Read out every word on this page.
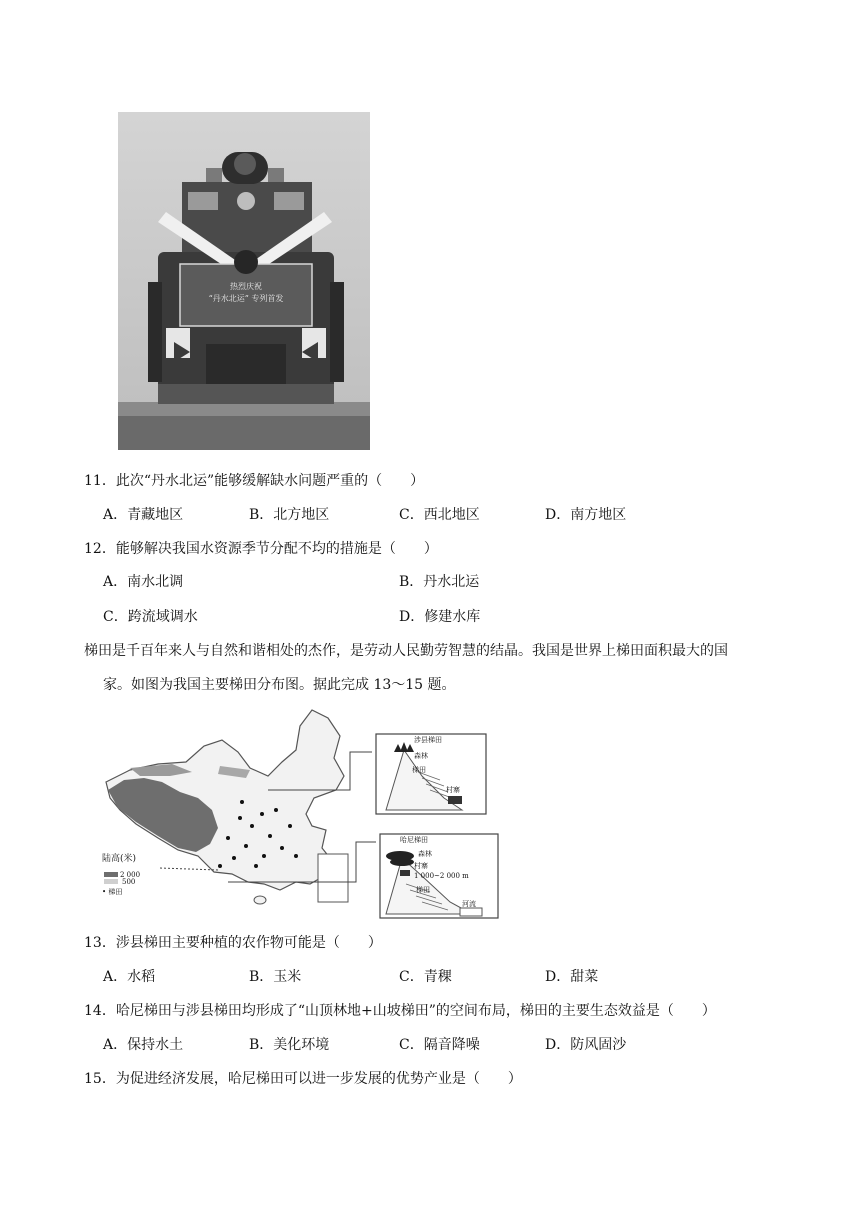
热烈庆祝
“丹水北运” 专列首发
11．此次“丹水北运”能够缓解缺水问题严重的（　　）
A．青藏地区	B．北方地区	C．西北地区	D．南方地区
12．能够解决我国水资源季节分配不均的措施是（　　）
A．南水北调	B．丹水北运
C．跨流域调水	D．修建水库
梯田是千百年来人与自然和谐相处的杰作，是劳动人民勤劳智慧的结晶。我国是世界上梯田面积最大的国
家。如图为我国主要梯田分布图。据此完成 13～15 题。
陆高(米)
2 000
500
• 梯田
涉县梯田
森林
梯田
村寨
哈尼梯田
森林
村寨
1 000~2 000 m
梯田
河流
13．涉县梯田主要种植的农作物可能是（　　）
A．水稻	B．玉米	C．青稞	D．甜菜
14．哈尼梯田与涉县梯田均形成了“山顶林地+山坡梯田”的空间布局，梯田的主要生态效益是（　　）
A．保持水土	B．美化环境	C．隔音降噪	D．防风固沙
15．为促进经济发展，哈尼梯田可以进一步发展的优势产业是（　　）
